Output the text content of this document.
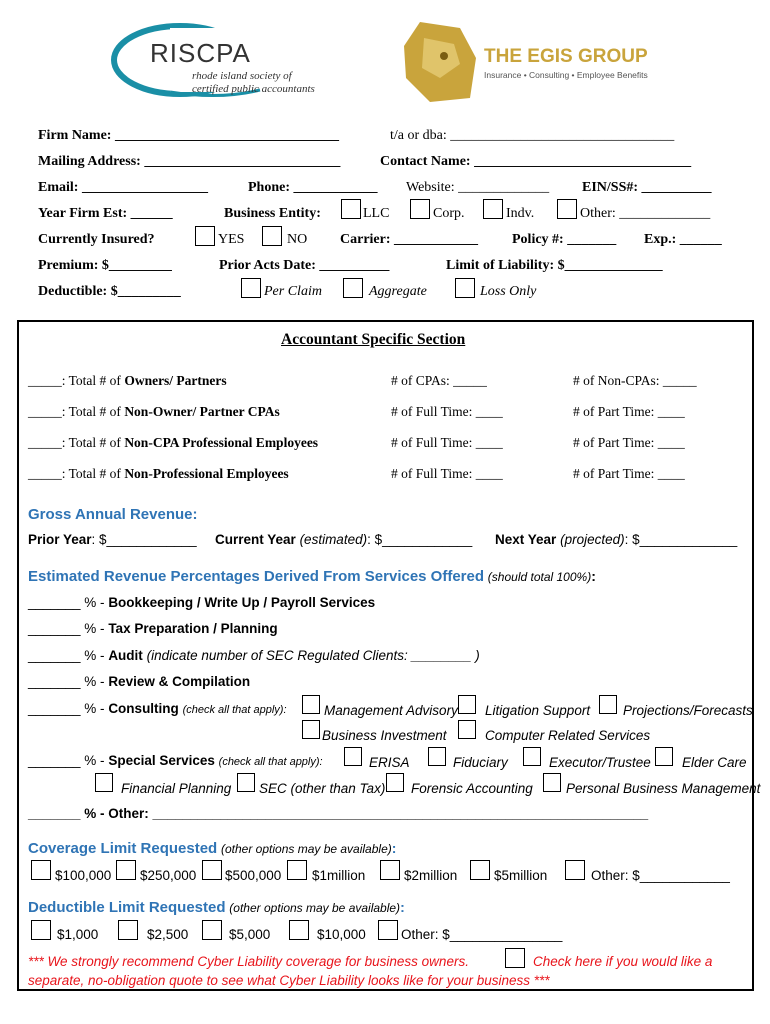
RISCPA
rhode island society of
certified public accountants
THE EGIS GROUP
Insurance • Consulting • Employee Benefits
Firm Name: ________________________________	t/a or dba: ________________________________
Mailing Address: ____________________________	Contact Name: _______________________________
Email: __________________	Phone: ____________ Website: _____________ EIN/SS#: __________
Year Firm Est: ______	Business Entity:	LLC	Corp.	Indv.	Other: _____________
Currently Insured?	YES	NO Carrier: ____________ Policy #: _______ Exp.: ______
Premium: $_________	Prior Acts Date: __________	Limit of Liability: $______________
Deductible: $_________	Per Claim	Aggregate	Loss Only
Accountant Specific Section
_____: Total # of Owners/ Partners	# of CPAs: _____	# of Non-CPAs: _____
_____: Total # of Non-Owner/ Partner CPAs	# of Full Time: ____	# of Part Time: ____
_____: Total # of Non-CPA Professional Employees	# of Full Time: ____	# of Part Time: ____
_____: Total # of Non-Professional Employees	# of Full Time: ____	# of Part Time: ____
Gross Annual Revenue:
Prior Year: $____________ Current Year (estimated): $____________ Next Year (projected): $_____________
Estimated Revenue Percentages Derived From Services Offered (should total 100%):
_______ % - Bookkeeping / Write Up / Payroll Services
_______ % - Tax Preparation / Planning
_______ % - Audit (indicate number of SEC Regulated Clients: ________ )
_______ % - Review & Compilation
_______ % - Consulting (check all that apply):	Management Advisory Litigation Support Projections/Forecasts
Business Investment	Computer Related Services
_______ % - Special Services (check all that apply):	ERISA	Fiduciary	Executor/Trustee Elder Care
Financial Planning SEC (other than Tax) Forensic Accounting Personal Business Management
_______ % - Other: __________________________________________________________________
Coverage Limit Requested (other options may be available):
$100,000 $250,000 $500,000 $1million	$2million	$5million	Other: $____________
Deductible Limit Requested (other options may be available):
$1,000	$2,500	$5,000	$10,000	Other: $_______________
*** We strongly recommend Cyber Liability coverage for business owners.	Check here if you would like a
separate, no-obligation quote to see what Cyber Liability looks like for your business ***
